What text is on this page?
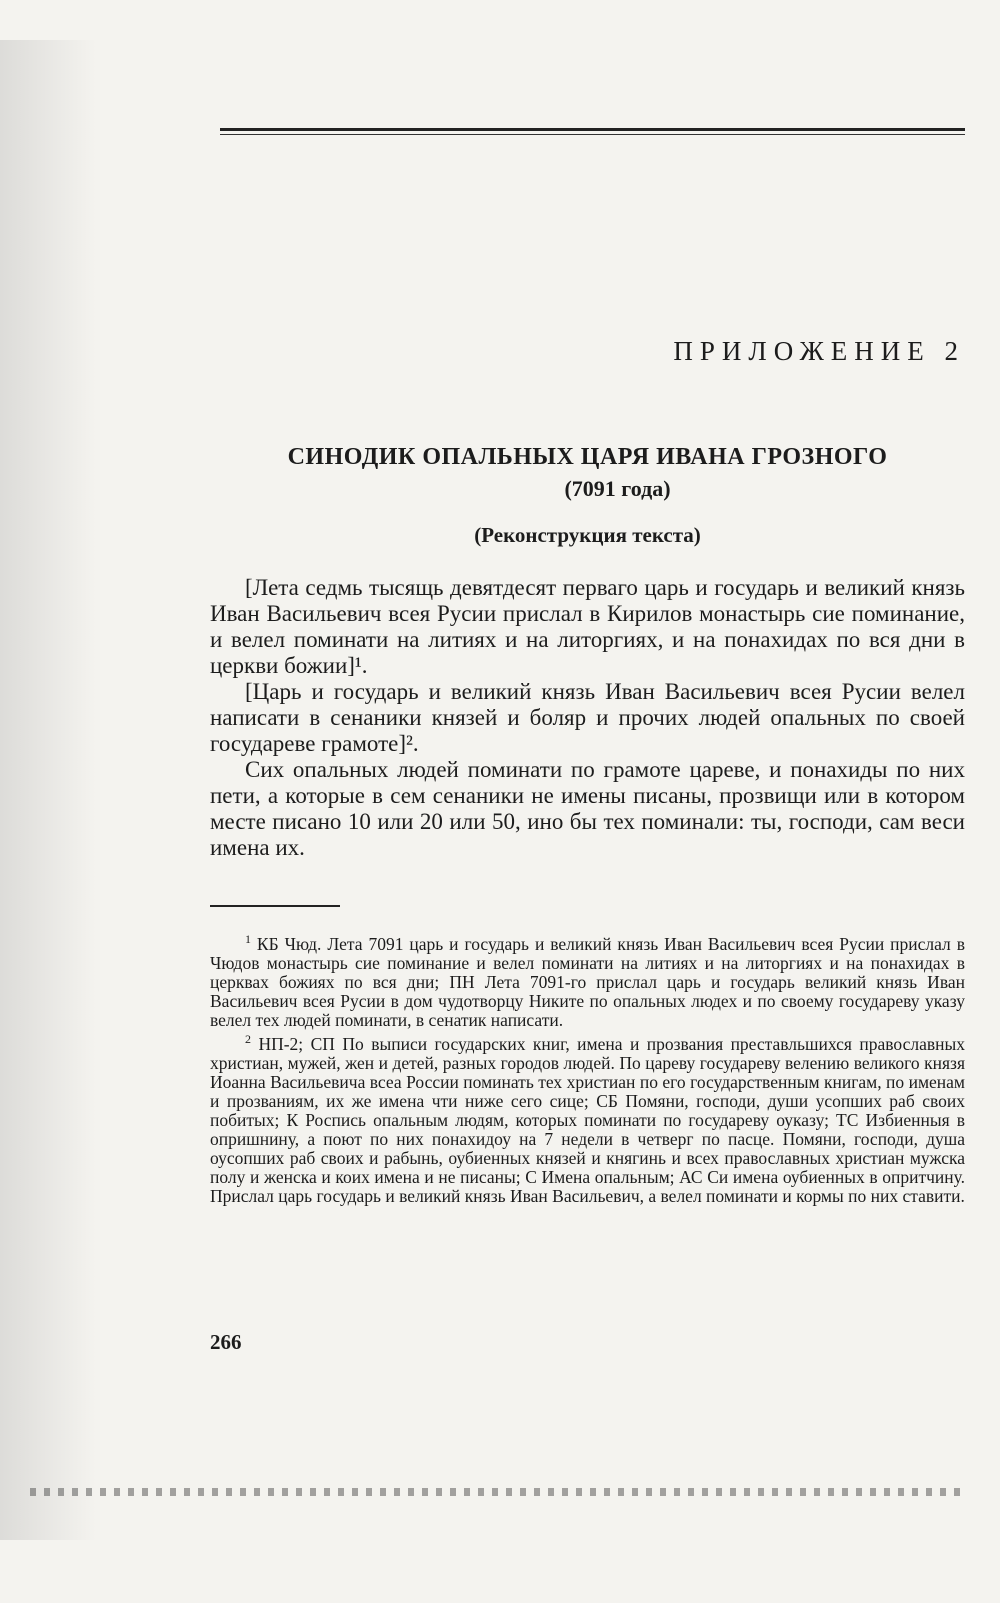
ПРИЛОЖЕНИЕ 2

СИНОДИК ОПАЛЬНЫХ ЦАРЯ ИВАНА ГРОЗНОГО

(7091 года)

(Реконструкция текста)

[Лета седмь тысящь девятдесят перваго царь и государь и великий князь Иван Васильевич всея Русии прислал в Кирилов монастырь сие поминание, и велел поминати на литиях и на литоргиях, и на понахидах по вся дни в церкви божии]¹.

[Царь и государь и великий князь Иван Васильевич всея Русии велел написати в сенаники князей и боляр и прочих людей опальных по своей государеве грамоте]².

Сих опальных людей поминати по грамоте цареве, и понахиды по них пети, а которые в сем сенаники не имены писаны, прозвищи или в котором месте писано 10 или 20 или 50, ино бы тех поминали: ты, господи, сам веси имена их.

$^1$ КБ Чюд. Лета 7091 царь и государь и великий князь Иван Васильевич всея Русии прислал в Чюдов монастырь сие поминание и велел поминати на литиях и на литоргиях и на понахидах в церквах божиях по вся дни; ПН Лета 7091-го прислал царь и государь великий князь Иван Васильевич всея Русии в дом чудотворцу Никите по опальных людех и по своему государеву указу велел тех людей поминати, в сенатик написати.

$^2$ НП-2; СП По выписи государских книг, имена и прозвания преставльшихся православных христиан, мужей, жен и детей, разных городов людей. По цареву государеву велению великого князя Иоанна Васильевича всеа России поминать тех христиан по его государственным книгам, по именам и прозваниям, их же имена чти ниже сего сице; СБ Помяни, господи, души усопших раб своих побитых; К Роспись опальным людям, которых поминати по государеву оуказу; ТС Избиенныя в опришнину, а поют по них понахидоу на 7 недели в четверг по пасце. Помяни, господи, душа оусопших раб своих и рабынь, оубиенных князей и княгинь и всех православных христиан мужска полу и женска и коих имена и не писаны; С Имена опальным; АС Си имена оубиенных в опритчину. Прислал царь государь и великий князь Иван Васильевич, а велел поминати и кормы по них ставити.

266
